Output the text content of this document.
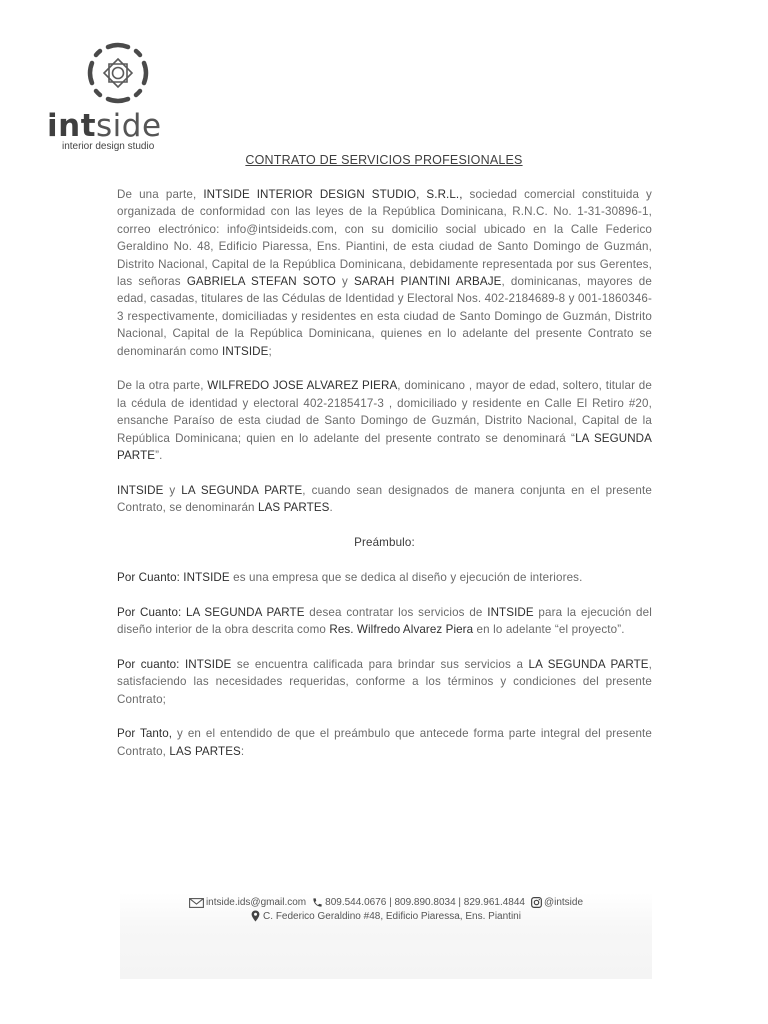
intside
interior design studio
CONTRATO DE SERVICIOS PROFESIONALES

De una parte, INTSIDE INTERIOR DESIGN STUDIO, S.R.L., sociedad comercial constituida y organizada de conformidad con las leyes de la República Dominicana, R.N.C. No. 1-31-30896-1, correo electrónico: info@intsideids.com, con su domicilio social ubicado en la Calle Federico Geraldino No. 48, Edificio Piaressa, Ens. Piantini, de esta ciudad de Santo Domingo de Guzmán, Distrito Nacional, Capital de la República Dominicana, debidamente representada por sus Gerentes, las señoras GABRIELA STEFAN SOTO y SARAH PIANTINI ARBAJE, dominicanas, mayores de edad, casadas, titulares de las Cédulas de Identidad y Electoral Nos. 402-2184689-8 y 001-1860346-3 respectivamente, domiciliadas y residentes en esta ciudad de Santo Domingo de Guzmán, Distrito Nacional, Capital de la República Dominicana, quienes en lo adelante del presente Contrato se denominarán como INTSIDE;

De la otra parte, WILFREDO JOSE ALVAREZ PIERA, dominicano , mayor de edad, soltero, titular de la cédula de identidad y electoral 402-2185417-3 , domiciliado y residente en Calle El Retiro #20, ensanche Paraíso de esta ciudad de Santo Domingo de Guzmán, Distrito Nacional, Capital de la República Dominicana; quien en lo adelante del presente contrato se denominará “LA SEGUNDA PARTE”.

INTSIDE y LA SEGUNDA PARTE, cuando sean designados de manera conjunta en el presente Contrato, se denominarán LAS PARTES.

Preámbulo:

Por Cuanto: INTSIDE es una empresa que se dedica al diseño y ejecución de interiores.

Por Cuanto: LA SEGUNDA PARTE desea contratar los servicios de INTSIDE para la ejecución del diseño interior de la obra descrita como Res. Wilfredo Alvarez Piera en lo adelante “el proyecto”.

Por cuanto: INTSIDE se encuentra calificada para brindar sus servicios a LA SEGUNDA PARTE, satisfaciendo las necesidades requeridas, conforme a los términos y condiciones del presente Contrato;

Por Tanto, y en el entendido de que el preámbulo que antecede forma parte integral del presente Contrato, LAS PARTES:

intside.ids@gmail.com 809.544.0676 | 809.890.8034 | 829.961.4844 @intside
C. Federico Geraldino #48, Edificio Piaressa, Ens. Piantini
